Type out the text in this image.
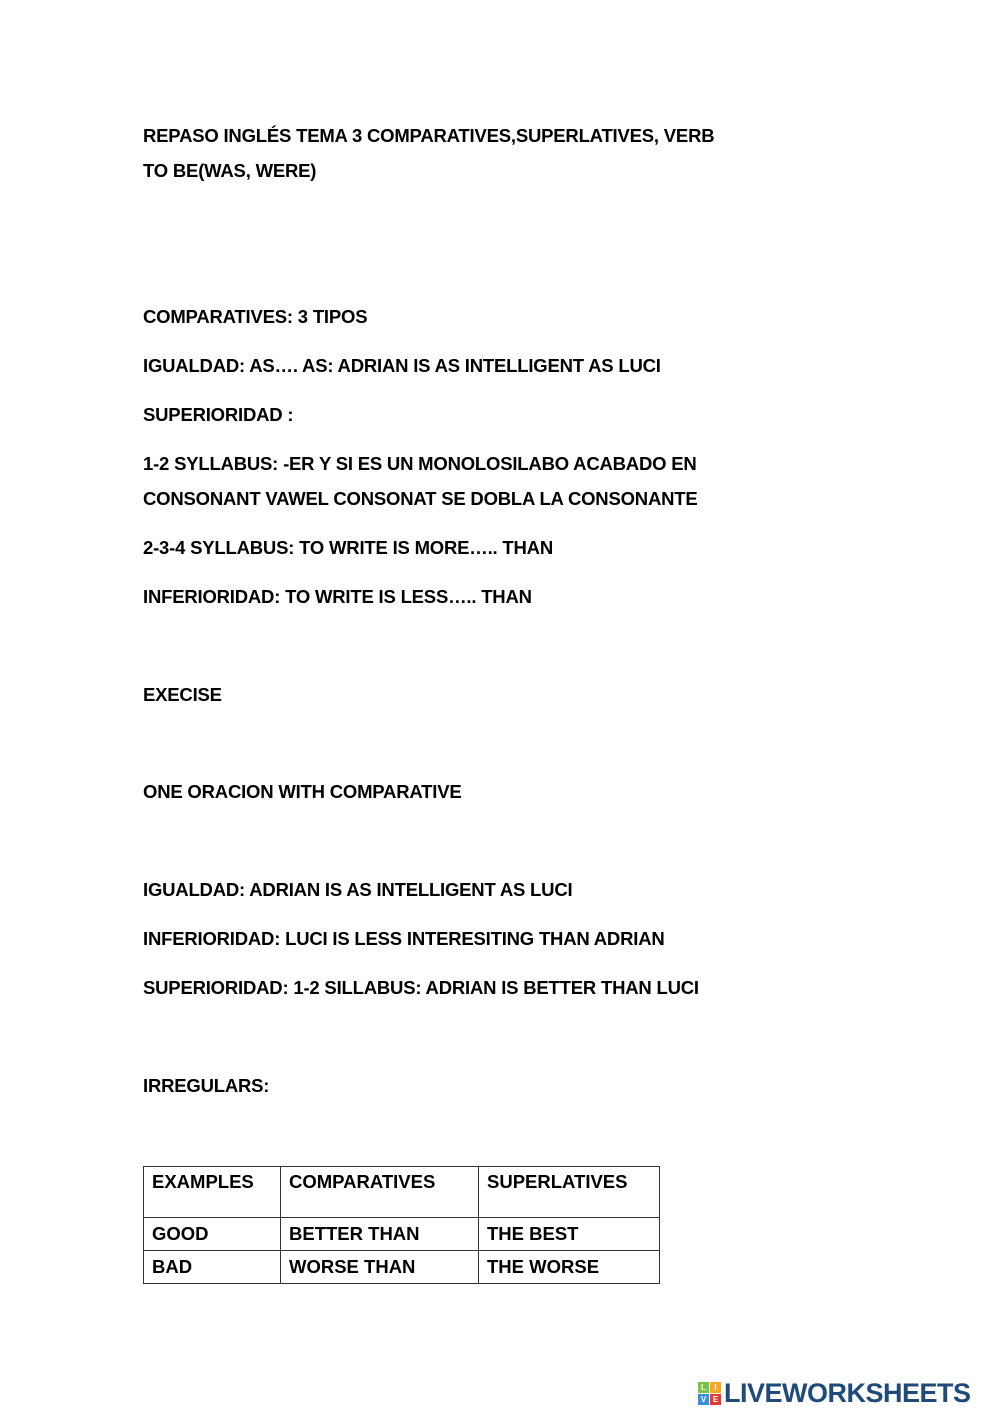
REPASO INGLÉS TEMA 3 COMPARATIVES,SUPERLATIVES, VERB
TO BE(WAS, WERE)
COMPARATIVES: 3 TIPOS
IGUALDAD: AS…. AS: ADRIAN IS AS INTELLIGENT AS LUCI
SUPERIORIDAD :
1-2 SYLLABUS: -ER Y SI ES UN MONOLOSILABO ACABADO EN
CONSONANT VAWEL CONSONAT SE DOBLA LA CONSONANTE
2-3-4 SYLLABUS: TO WRITE IS MORE….. THAN
INFERIORIDAD: TO WRITE IS LESS….. THAN
EXECISE
ONE ORACION WITH COMPARATIVE
IGUALDAD: ADRIAN IS AS INTELLIGENT AS LUCI
INFERIORIDAD: LUCI IS LESS INTERESITING THAN ADRIAN
SUPERIORIDAD: 1-2 SILLABUS: ADRIAN IS BETTER THAN LUCI
IRREGULARS:
EXAMPLES	COMPARATIVES	SUPERLATIVES
GOOD	BETTER THAN	THE BEST
BAD	WORSE THAN	THE WORSE
L	I
V E LIVEWORKSHEETS
